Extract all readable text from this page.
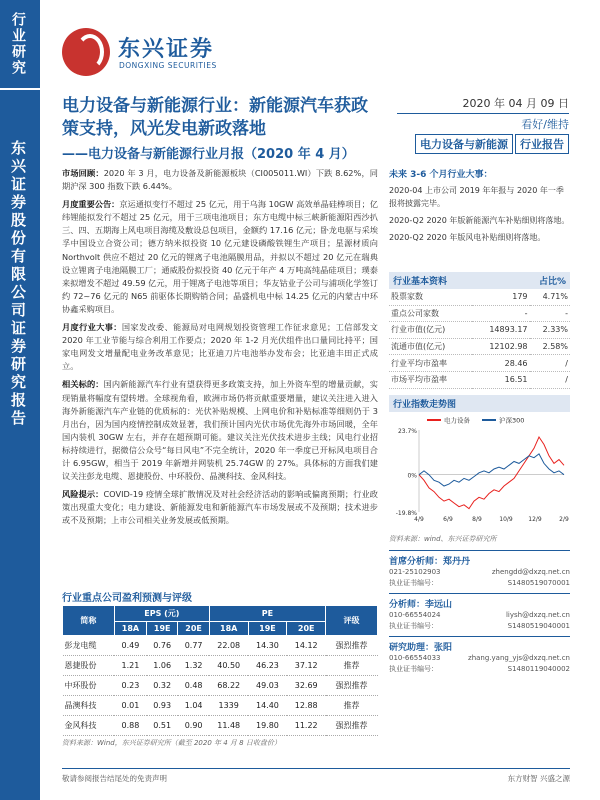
行业研究
东兴证券股份有限公司证券研究报告
东兴证券
DONGXING SECURITIES
电力设备与新能源行业：新能源汽车获政策支持，风光发电新政落地
——电力设备与新能源行业月报（2020 年 4 月）
2020 年 04 月 09 日
看好/维持
电力设备与新能源	行业报告
市场回顾：2020 年 3 月，电力设备及新能源板块（CI005011.WI）下跌 8.62%，同期沪深 300 指数下跌 6.44%。
月度重要公告：京运通拟变行不超过 25 亿元，用于乌海 10GW 高效单晶硅棒项目；亿纬锂能拟发行不超过 25 亿元，用于三项电池项目；东方电缆中标三峡新能源阳西沙扒三、四、五期海上风电项目海缆及敷设总包项目，金额约 17.16 亿元；卧龙电驱与采埃孚中国设立合资公司；德方纳米拟投资 10 亿元建设磷酸铁锂生产项目；星源材质向 Northvolt 供应不超过 20 亿元的锂离子电池隔膜用品，并拟以不超过 20 亿元在瑞典设立锂离子电池隔膜工厂；通威股份拟投资 40 亿元于年产 4 万吨高纯晶硅项目；璞泰来拟增发不超过 49.59 亿元，用于锂离子电池等项目；华友钴业子公司与浦项化学签订约 72~76 亿元的 N65 前驱体长期购销合同；晶盛机电中标 14.25 亿元的内蒙古中环协鑫采购项目。
月度行业大事：国家发改委、能源局对电网规划投资管理工作征求意见；工信部发文 2020 年工业节能与综合利用工作要点；2020 年 1-2 月光伏组件出口量同比持平；国家电网发文增量配电业务改革意见；比亚迪刀片电池举办发布会；比亚迪丰田正式成立。
相关标的：国内新能源汽车行业有望获得更多政策支持，加上外资车型的增量贡献，实现销量将幅度有望转增。全球视角看，欧洲市场仍将贡献重要增量，建议关注进入进入海外新能源汽车产业链的优质标的：光伏补贴规模、上网电价和补贴标准等细则仍于 3 月出台，因为国内疫情控制成效显著，我们预计国内光伏市场优先海外市场回暖，全年国内装机 30GW 左右，并存在超预期可能。建议关注光伏技术进步主线；风电行业招标持续进行，据微信公众号“每日风电”不完全统计，2020 年一季度已开标风电项目合计 6.95GW，相当于 2019 年新增并网装机 25.74GW 的 27%。具体标的方面我们建议关注彭龙电缆、恩捷股份、中环股份、晶澳科技、金风科技。
风险提示：COVID-19 疫情全球扩散情况及对社会经济活动的影响或偏离预期；行业政策出现重大变化；电力建设、新能源发电和新能源汽车市场发展或不及预期；技术进步或不及预期；上市公司相关业务发展或低预期。
未来 3-6 个月行业大事：
2020-04 上市公司 2019 年年报与 2020 年一季报将披露完毕。
2020-Q2 2020 年版新能源汽车补贴细则将落地。
2020-Q2 2020 年版风电补贴细则将落地。
行业基本资料	占比%
股票家数	179	4.71%
重点公司家数	-	-
行业市值(亿元)	14893.17	2.33%
流通市值(亿元)	12102.98	2.58%
行业平均市盈率	28.46	/
市场平均市盈率	16.51	/
行业指数走势图
23.7%
0%
-19.8%
4/9	6/9	8/9	10/9	12/9	2/9
电力设备	沪深300
资料来源：wind、东兴证券研究所
首席分析师：郑丹丹
021-25102903	zhengdd@dxzq.net.cn
执业证书编号：	S1480519070001
分析师：李远山
010-66554024	liysh@dxzq.net.cn
执业证书编号：	S1480519040001
研究助理：张阳
010-66554033	zhang.yang_yjs@dxzq.net.cn
执业证书编号：	S1480119040002
行业重点公司盈利预测与评级
简称	EPS (元)			PE			评级
	18A	19E	20E	18A	19E	20E	
彭龙电缆	0.49	0.76	0.77	22.08	14.30	14.12	强烈推荐
恩捷股份	1.21	1.06	1.32	40.50	46.23	37.12	推荐
中环股份	0.23	0.32	0.48	68.22	49.03	32.69	强烈推荐
晶澳科技	0.01	0.93	1.04	1339	14.40	12.88	推荐
金风科技	0.88	0.51	0.90	11.48	19.80	11.22	强烈推荐
资料来源：Wind，东兴证券研究所（截至 2020 年 4 月 8 日收盘价）
敬请参阅报告结尾处的免责声明	东方财智 兴盛之源
